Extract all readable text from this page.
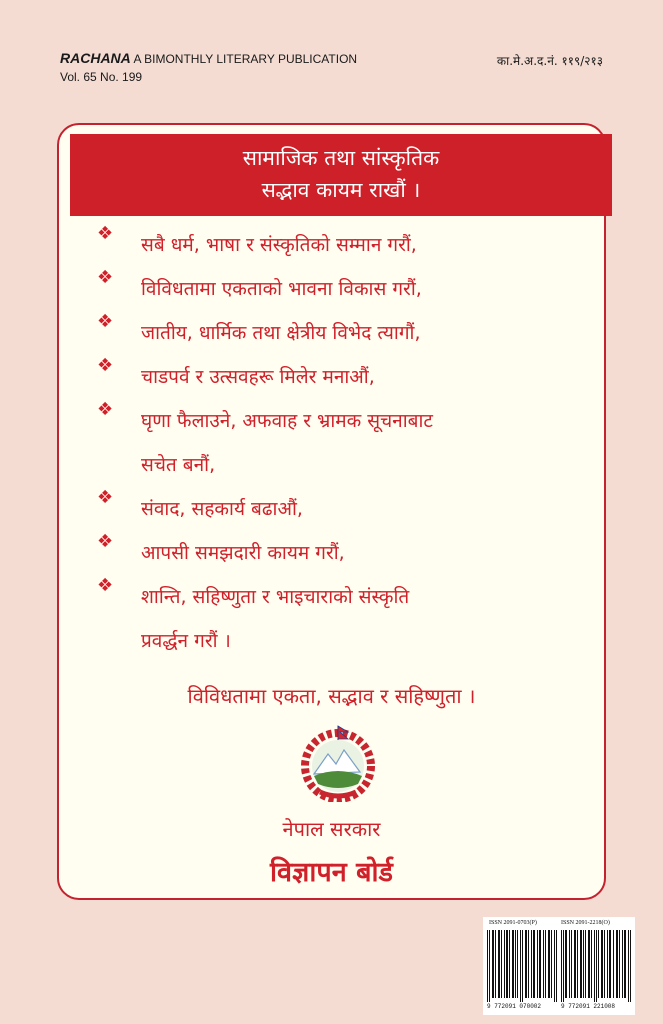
RACHANA A BIMONTHLY LITERARY PUBLICATION
Vol. 65 No. 199
का.मे.अ.द.नं. ११९/२१३
सामाजिक तथा सांस्कृतिक
सद्भाव कायम राखौं ।
❖
सबै धर्म, भाषा र संस्कृतिको सम्मान गरौं,
❖
विविधतामा एकताको भावना विकास गरौं,
❖
जातीय, धार्मिक तथा क्षेत्रीय विभेद त्यागौं,
❖
चाडपर्व र उत्सवहरू मिलेर मनाऔं,
❖
घृणा फैलाउने, अफवाह र भ्रामक सूचनाबाट
सचेत बनौं,
❖
संवाद, सहकार्य बढाऔं,
❖
आपसी समझदारी कायम गरौं,
❖
शान्ति, सहिष्णुता र भाइचाराको संस्कृति
प्रवर्द्धन गरौं ।
विविधतामा एकता, सद्भाव र सहिष्णुता ।
नेपाल सरकार
विज्ञापन बोर्ड
ISSN 2091-0703(P)	ISSN 2091-2218(O)
9 772091 070002	9 772091 221008
